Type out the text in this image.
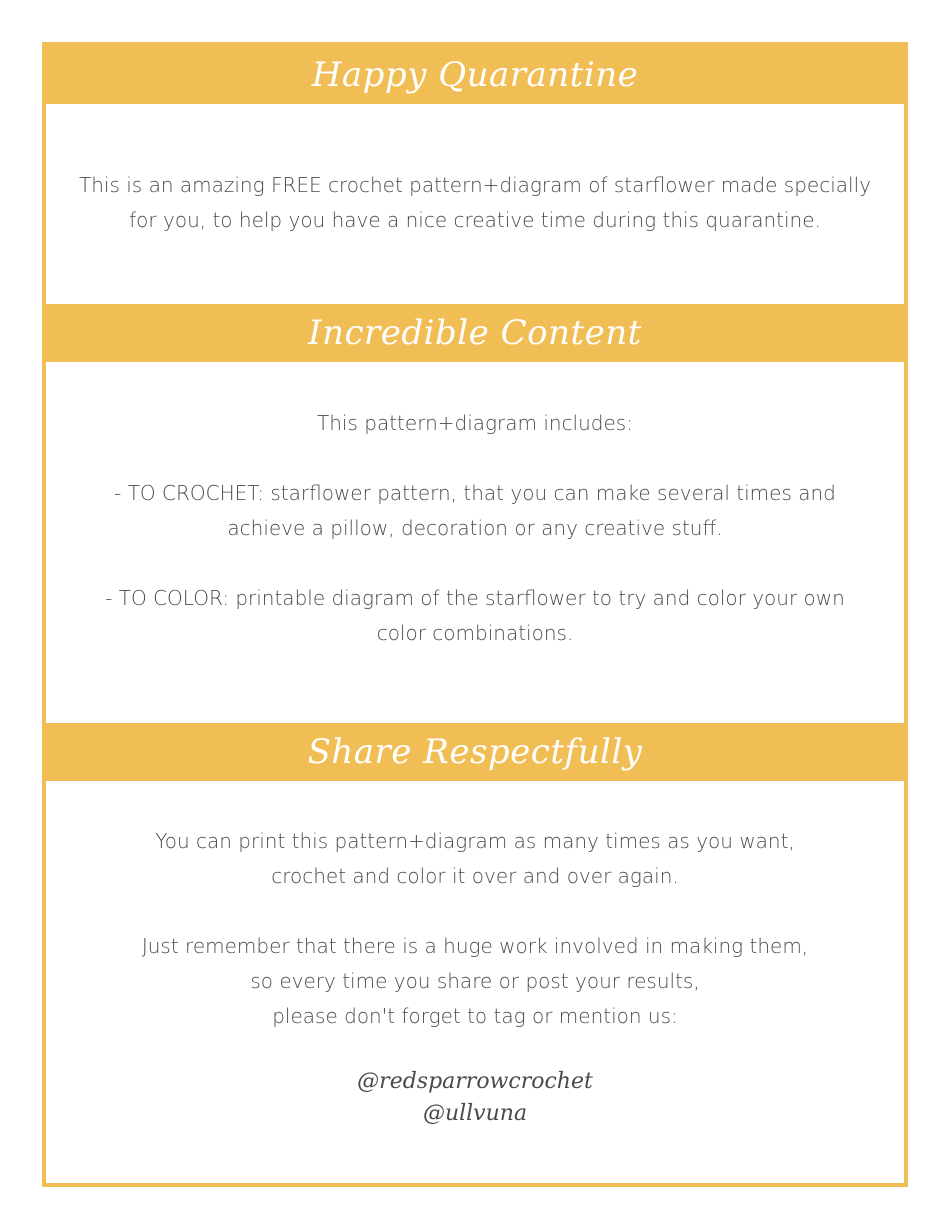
Happy Quarantine

This is an amazing FREE crochet pattern+diagram of starflower made specially
for you, to help you have a nice creative time during this quarantine.

Incredible Content

This pattern+diagram includes:

- TO CROCHET: starflower pattern, that you can make several times and
achieve a pillow, decoration or any creative stuff.

- TO COLOR: printable diagram of the starflower to try and color your own
color combinations.

Share Respectfully

You can print this pattern+diagram as many times as you want,
crochet and color it over and over again.

Just remember that there is a huge work involved in making them,
so every time you share or post your results,
please don't forget to tag or mention us:

@redsparrowcrochet
@ullvuna
